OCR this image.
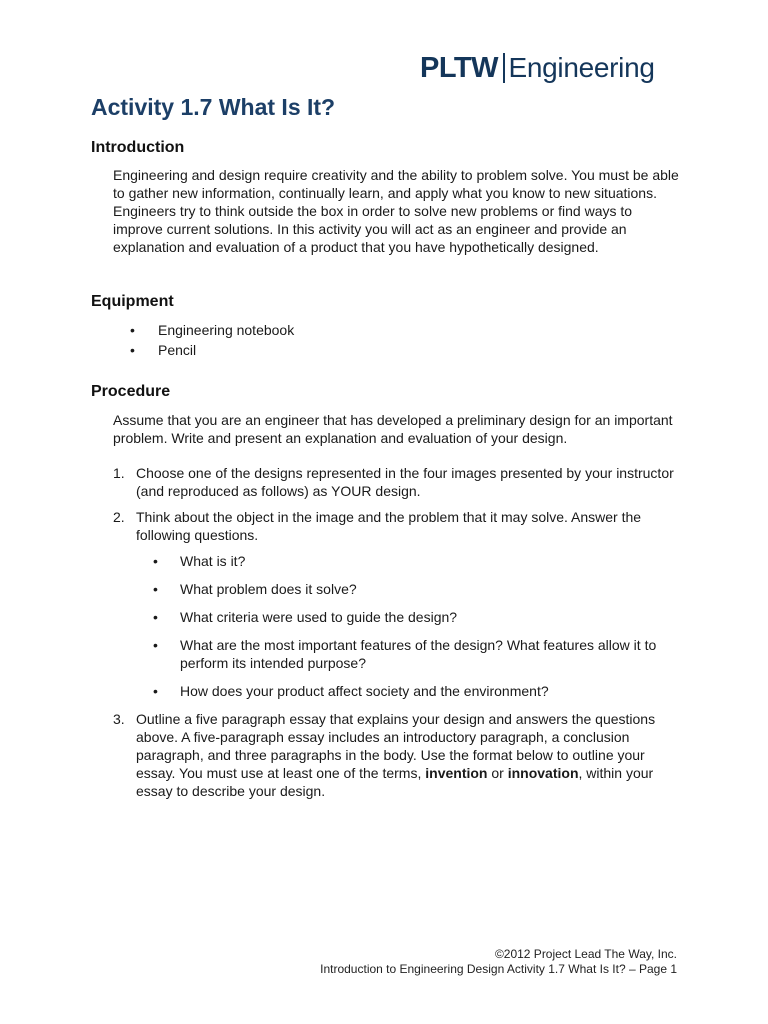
PLTW Engineering
Activity 1.7 What Is It?
Introduction

Engineering and design require creativity and the ability to problem solve. You must be able to gather new information, continually learn, and apply what you know to new situations. Engineers try to think outside the box in order to solve new problems or find ways to improve current solutions. In this activity you will act as an engineer and provide an explanation and evaluation of a product that you have hypothetically designed.

Equipment
• Engineering notebook
• Pencil
Procedure

Assume that you are an engineer that has developed a preliminary design for an important problem. Write and present an explanation and evaluation of your design.

1. Choose one of the designs represented in the four images presented by your instructor (and reproduced as follows) as YOUR design.
2. Think about the object in the image and the problem that it may solve. Answer the following questions.
• What is it?
• What problem does it solve?
• What criteria were used to guide the design?
• What are the most important features of the design? What features allow it to perform its intended purpose?
• How does your product affect society and the environment?
3. Outline a five paragraph essay that explains your design and answers the questions above. A five-paragraph essay includes an introductory paragraph, a conclusion paragraph, and three paragraphs in the body. Use the format below to outline your essay. You must use at least one of the terms, invention or innovation, within your essay to describe your design.
©2012 Project Lead The Way, Inc.
Introduction to Engineering Design Activity 1.7 What Is It? – Page 1
